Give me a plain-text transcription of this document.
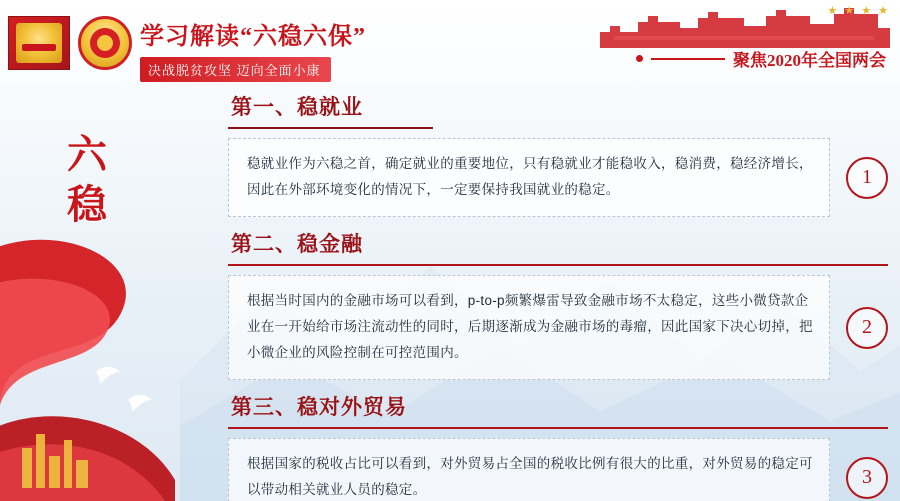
学习解读“六稳六保”
决战脱贫攻坚 迈向全面小康
★ ★ ★ ★
聚焦2020年全国两会
六
稳
第一、稳就业

稳就业作为六稳之首，确定就业的重要地位，只有稳就业才能稳收入，稳消费，稳经济增长，因此在外部环境变化的情况下，一定要保持我国就业的稳定。

1
第二、稳金融

根据当时国内的金融市场可以看到，p-to-p频繁爆雷导致金融市场不太稳定，这些小微贷款企业在一开始给市场注流动性的同时，后期逐渐成为金融市场的毒瘤，因此国家下决心切掉，把小微企业的风险控制在可控范围内。

2
第三、稳对外贸易

根据国家的税收占比可以看到，对外贸易占全国的税收比例有很大的比重，对外贸易的稳定可以带动相关就业人员的稳定。

3
